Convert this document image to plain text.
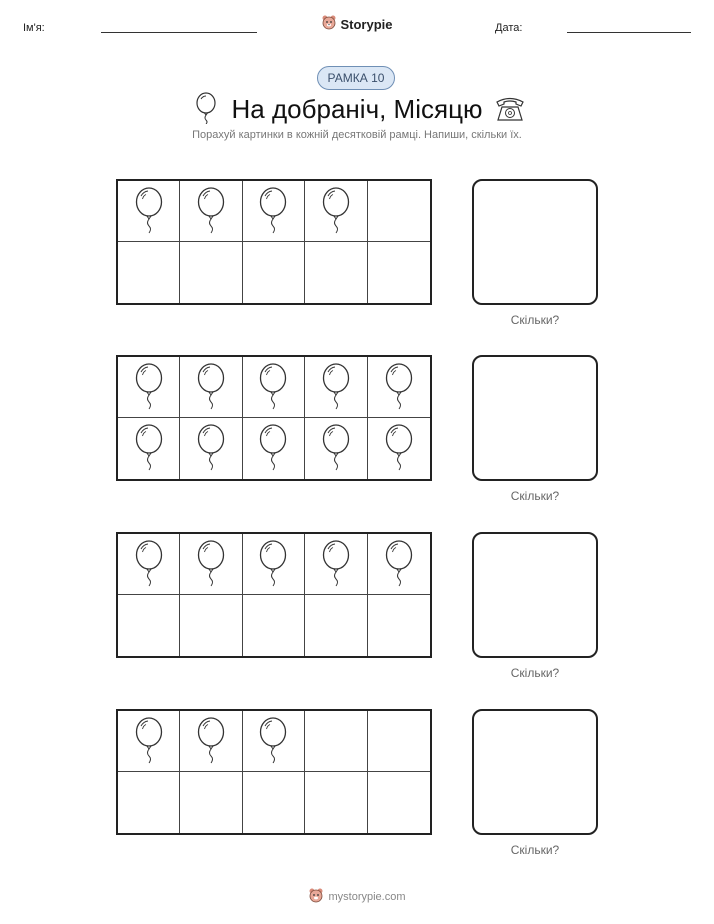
Ім'я:	Storypie	Дата:
РАМКА 10
На добраніч, Місяцю
Порахуй картинки в кожній десятковій рамці. Напиши, скільки їх.
Скільки?
Скільки?
Скільки?
Скільки?
mystorypie.com
